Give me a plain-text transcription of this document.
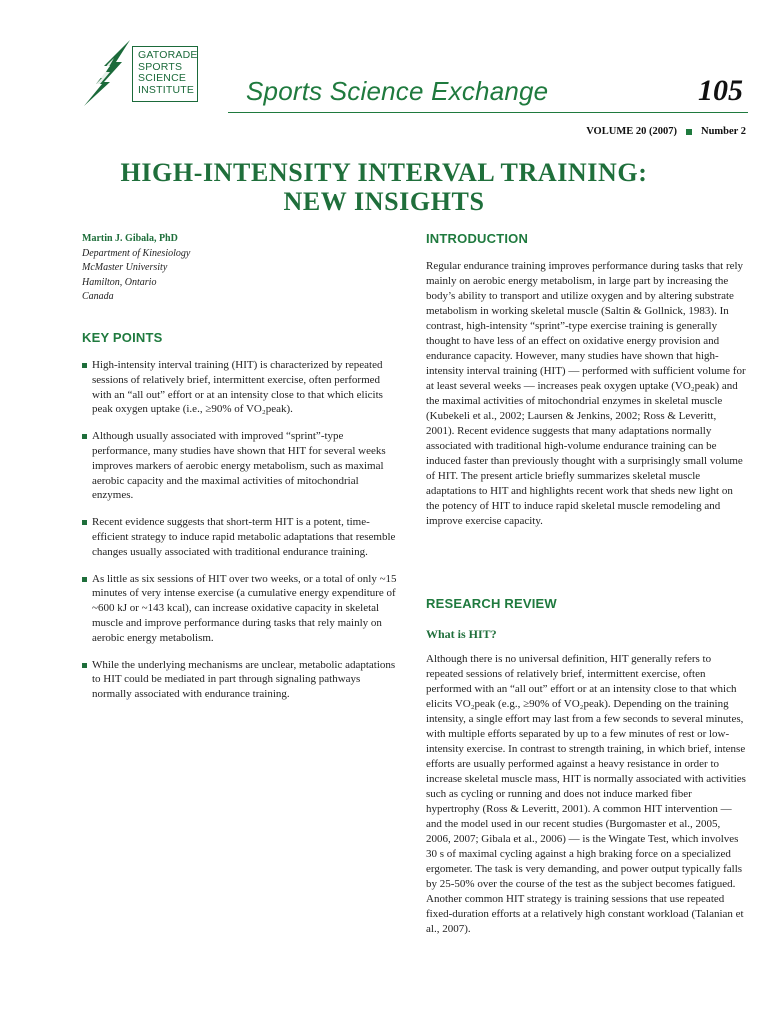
GATORADE
SPORTS
SCIENCE
INSTITUTE Sports Science Exchange	105
VOLUME 20 (2007) Number 2
HIGH-INTENSITY INTERVAL TRAINING:
NEW INSIGHTS
Martin J. Gibala, PhD
Department of Kinesiology
McMaster University
Hamilton, Ontario
Canada
KEY POINTS
High-intensity interval training (HIT) is characterized by repeated sessions of relatively brief, intermittent exercise, often performed with an “all out” effort or at an intensity close to that which elicits peak oxygen uptake (i.e., ≥90% of VO₂peak).
Although usually associated with improved “sprint”-type performance, many studies have shown that HIT for several weeks improves markers of aerobic energy metabolism, such as maximal aerobic capacity and the maximal activities of mitochondrial enzymes.
Recent evidence suggests that short-term HIT is a potent, time-efficient strategy to induce rapid metabolic adaptations that resemble changes usually associated with traditional endurance training.
As little as six sessions of HIT over two weeks, or a total of only ~15 minutes of very intense exercise (a cumulative energy expenditure of ~600 kJ or ~143 kcal), can increase oxidative capacity in skeletal muscle and improve performance during tasks that rely mainly on aerobic energy metabolism.
While the underlying mechanisms are unclear, metabolic adaptations to HIT could be mediated in part through signaling pathways normally associated with endurance training.
INTRODUCTION
Regular endurance training improves performance during tasks that rely mainly on aerobic energy metabolism, in large part by increasing the body’s ability to transport and utilize oxygen and by altering substrate metabolism in working skeletal muscle (Saltin & Gollnick, 1983). In contrast, high-intensity “sprint”-type exercise training is generally thought to have less of an effect on oxidative energy provision and endurance capacity. However, many studies have shown that high-intensity interval training (HIT) — performed with sufficient volume for at least several weeks — increases peak oxygen uptake (VO₂peak) and the maximal activities of mitochondrial enzymes in skeletal muscle (Kubekeli et al., 2002; Laursen & Jenkins, 2002; Ross & Leveritt, 2001). Recent evidence suggests that many adaptations normally associated with traditional high-volume endurance training can be induced faster than previously thought with a surprisingly small volume of HIT. The present article briefly summarizes skeletal muscle adaptations to HIT and highlights recent work that sheds new light on the potency of HIT to induce rapid skeletal muscle remodeling and improve exercise capacity.
RESEARCH REVIEW
What is HIT?
Although there is no universal definition, HIT generally refers to repeated sessions of relatively brief, intermittent exercise, often performed with an “all out” effort or at an intensity close to that which elicits VO₂peak (e.g., ≥90% of VO₂peak). Depending on the training intensity, a single effort may last from a few seconds to several minutes, with multiple efforts separated by up to a few minutes of rest or low-intensity exercise. In contrast to strength training, in which brief, intense efforts are usually performed against a heavy resistance in order to increase skeletal muscle mass, HIT is normally associated with activities such as cycling or running and does not induce marked fiber hypertrophy (Ross & Leveritt, 2001). A common HIT intervention — and the model used in our recent studies (Burgomaster et al., 2005, 2006, 2007; Gibala et al., 2006) — is the Wingate Test, which involves 30 s of maximal cycling against a high braking force on a specialized ergometer. The task is very demanding, and power output typically falls by 25-50% over the course of the test as the subject becomes fatigued. Another common HIT strategy is training sessions that use repeated fixed-duration efforts at a relatively high constant workload (Talanian et al., 2007).
